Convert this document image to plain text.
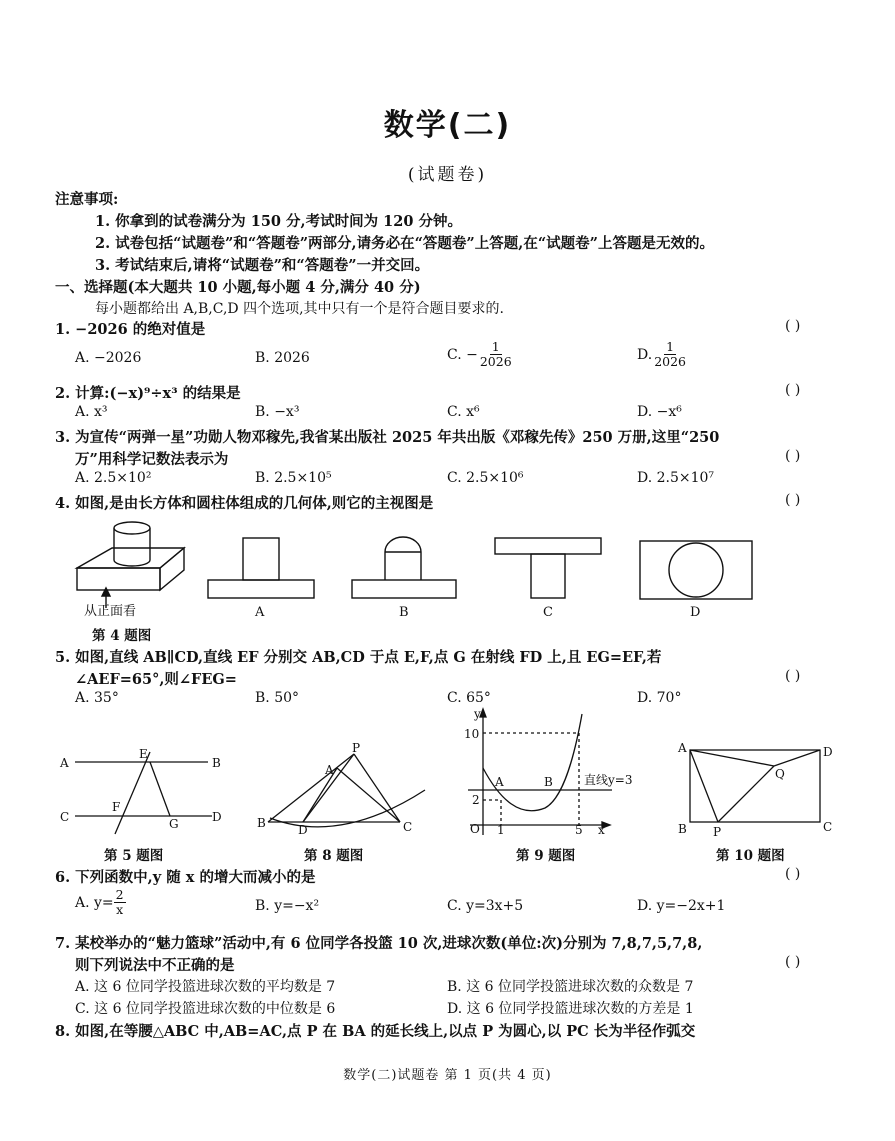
数学(二)
(试题卷)
注意事项:
1. 你拿到的试卷满分为 150 分,考试时间为 120 分钟。
2. 试卷包括“试题卷”和“答题卷”两部分,请务必在“答题卷”上答题,在“试题卷”上答题是无效的。
3. 考试结束后,请将“试题卷”和“答题卷”一并交回。
一、选择题(本大题共 10 小题,每小题 4 分,满分 40 分)
每小题都给出 A,B,C,D 四个选项,其中只有一个是符合题目要求的.
1. −2026 的绝对值是	( )
A. −2026	B. 2026	C. − $\frac{1}{2026}$	D. $\frac{1}{2026}$
2. 计算:(−x)⁹÷x³ 的结果是	( )
A. x³	B. −x³	C. x⁶	D. −x⁶
3. 为宣传“两弹一星”功勋人物邓稼先,我省某出版社 2025 年共出版《邓稼先传》250 万册,这里“250
万”用科学记数法表示为	( )
A. 2.5×10²	B. 2.5×10⁵	C. 2.5×10⁶	D. 2.5×10⁷
4. 如图,是由长方体和圆柱体组成的几何体,则它的主视图是	( )
从正面看
第 4 题图
A	B	C	D
5. 如图,直线 AB∥CD,直线 EF 分别交 AB,CD 于点 E,F,点 G 在射线 FD 上,且 EG=EF,若
∠AEF=65°,则∠FEG=	( )
A. 35°	B. 50°	C. 65°	D. 70°
A	B
C	D
E
F
G
P
A
B	C
D
y
x
O
10
2
1	5
A	B	直线y=3
A
B	C
D
P
Q
第 5 题图	第 8 题图	第 9 题图	第 10 题图
6. 下列函数中,y 随 x 的增大而减小的是	( )
A. $y= \frac{2}{x}$	B. y=−x²	C. y=3x+5	D. y=−2x+1
7. 某校举办的“魅力篮球”活动中,有 6 位同学各投篮 10 次,进球次数(单位:次)分别为 7,8,7,5,7,8,
则下列说法中不正确的是	( )
A. 这 6 位同学投篮进球次数的平均数是 7	B. 这 6 位同学投篮进球次数的众数是 7
C. 这 6 位同学投篮进球次数的中位数是 6	D. 这 6 位同学投篮进球次数的方差是 1
8. 如图,在等腰△ABC 中,AB=AC,点 P 在 BA 的延长线上,以点 P 为圆心,以 PC 长为半径作弧交
数学(二)试题卷 第 1 页(共 4 页)
